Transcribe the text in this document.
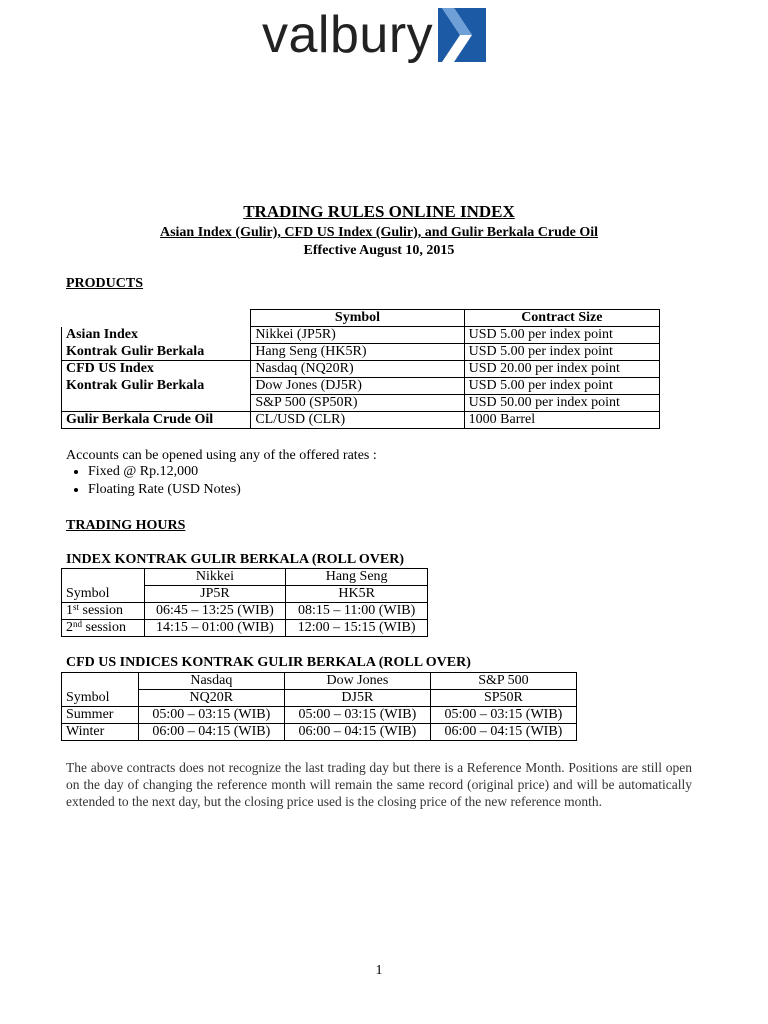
valbury
TRADING RULES ONLINE INDEX
Asian Index (Gulir), CFD US Index (Gulir), and Gulir Berkala Crude Oil
Effective August 10, 2015
PRODUCTS
	Symbol	Contract Size
Asian Index	Nikkei (JP5R)	USD 5.00 per index point
Kontrak Gulir Berkala	Hang Seng (HK5R)	USD 5.00 per index point
CFD US Index	Nasdaq (NQ20R)	USD 20.00 per index point
Kontrak Gulir Berkala	Dow Jones (DJ5R)	USD 5.00 per index point
	S&P 500 (SP50R)	USD 50.00 per index point
Gulir Berkala Crude Oil	CL/USD (CLR)	1000 Barrel
Accounts can be opened using any of the offered rates :
• Fixed @ Rp.12,000
• Floating Rate (USD Notes)
TRADING HOURS
INDEX KONTRAK GULIR BERKALA (ROLL OVER)
	Nikkei	Hang Seng
Symbol	JP5R	HK5R
1st session	06:45 – 13:25 (WIB)	08:15 – 11:00 (WIB)
2nd session	14:15 – 01:00 (WIB)	12:00 – 15:15 (WIB)
CFD US INDICES KONTRAK GULIR BERKALA (ROLL OVER)
	Nasdaq	Dow Jones	S&P 500
Symbol	NQ20R	DJ5R	SP50R
Summer	05:00 – 03:15 (WIB)	05:00 – 03:15 (WIB)	05:00 – 03:15 (WIB)
Winter	06:00 – 04:15 (WIB)	06:00 – 04:15 (WIB)	06:00 – 04:15 (WIB)
The above contracts does not recognize the last trading day but there is a Reference Month. Positions are still open on the day of changing the reference month will remain the same record (original price) and will be automatically extended to the next day, but the closing price used is the closing price of the new reference month.
1
